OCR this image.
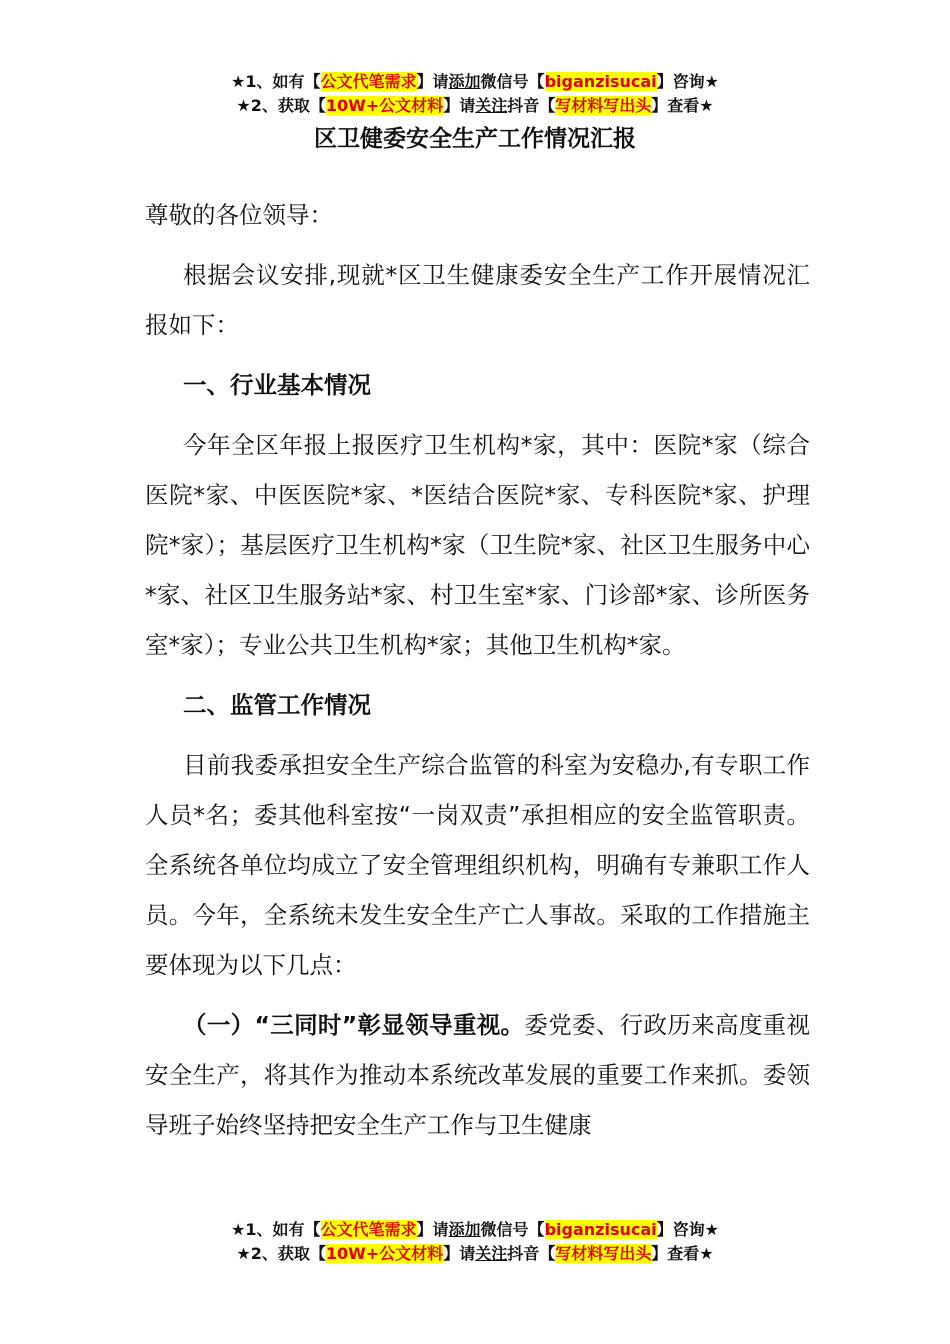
★1、如有【公文代笔需求】请添加微信号【biganzisucai】咨询★
★2、获取【10W+公文材料】请关注抖音【写材料写出头】查看★
区卫健委安全生产工作情况汇报

尊敬的各位领导：

根据会议安排,现就*区卫生健康委安全生产工作开展情况汇报如下：

一、行业基本情况

今年全区年报上报医疗卫生机构*家，其中：医院*家（综合医院*家、中医医院*家、*医结合医院*家、专科医院*家、护理院*家）；基层医疗卫生机构*家（卫生院*家、社区卫生服务中心*家、社区卫生服务站*家、村卫生室*家、门诊部*家、诊所医务室*家）；专业公共卫生机构*家；其他卫生机构*家。

二、监管工作情况

目前我委承担安全生产综合监管的科室为安稳办,有专职工作人员*名；委其他科室按“一岗双责”承担相应的安全监管职责。全系统各单位均成立了安全管理组织机构，明确有专兼职工作人员。今年，全系统未发生安全生产亡人事故。采取的工作措施主要体现为以下几点：

（一）“三同时”彰显领导重视。委党委、行政历来高度重视安全生产，将其作为推动本系统改革发展的重要工作来抓。委领导班子始终坚持把安全生产工作与卫生健康

★1、如有【公文代笔需求】请添加微信号【biganzisucai】咨询★
★2、获取【10W+公文材料】请关注抖音【写材料写出头】查看★
